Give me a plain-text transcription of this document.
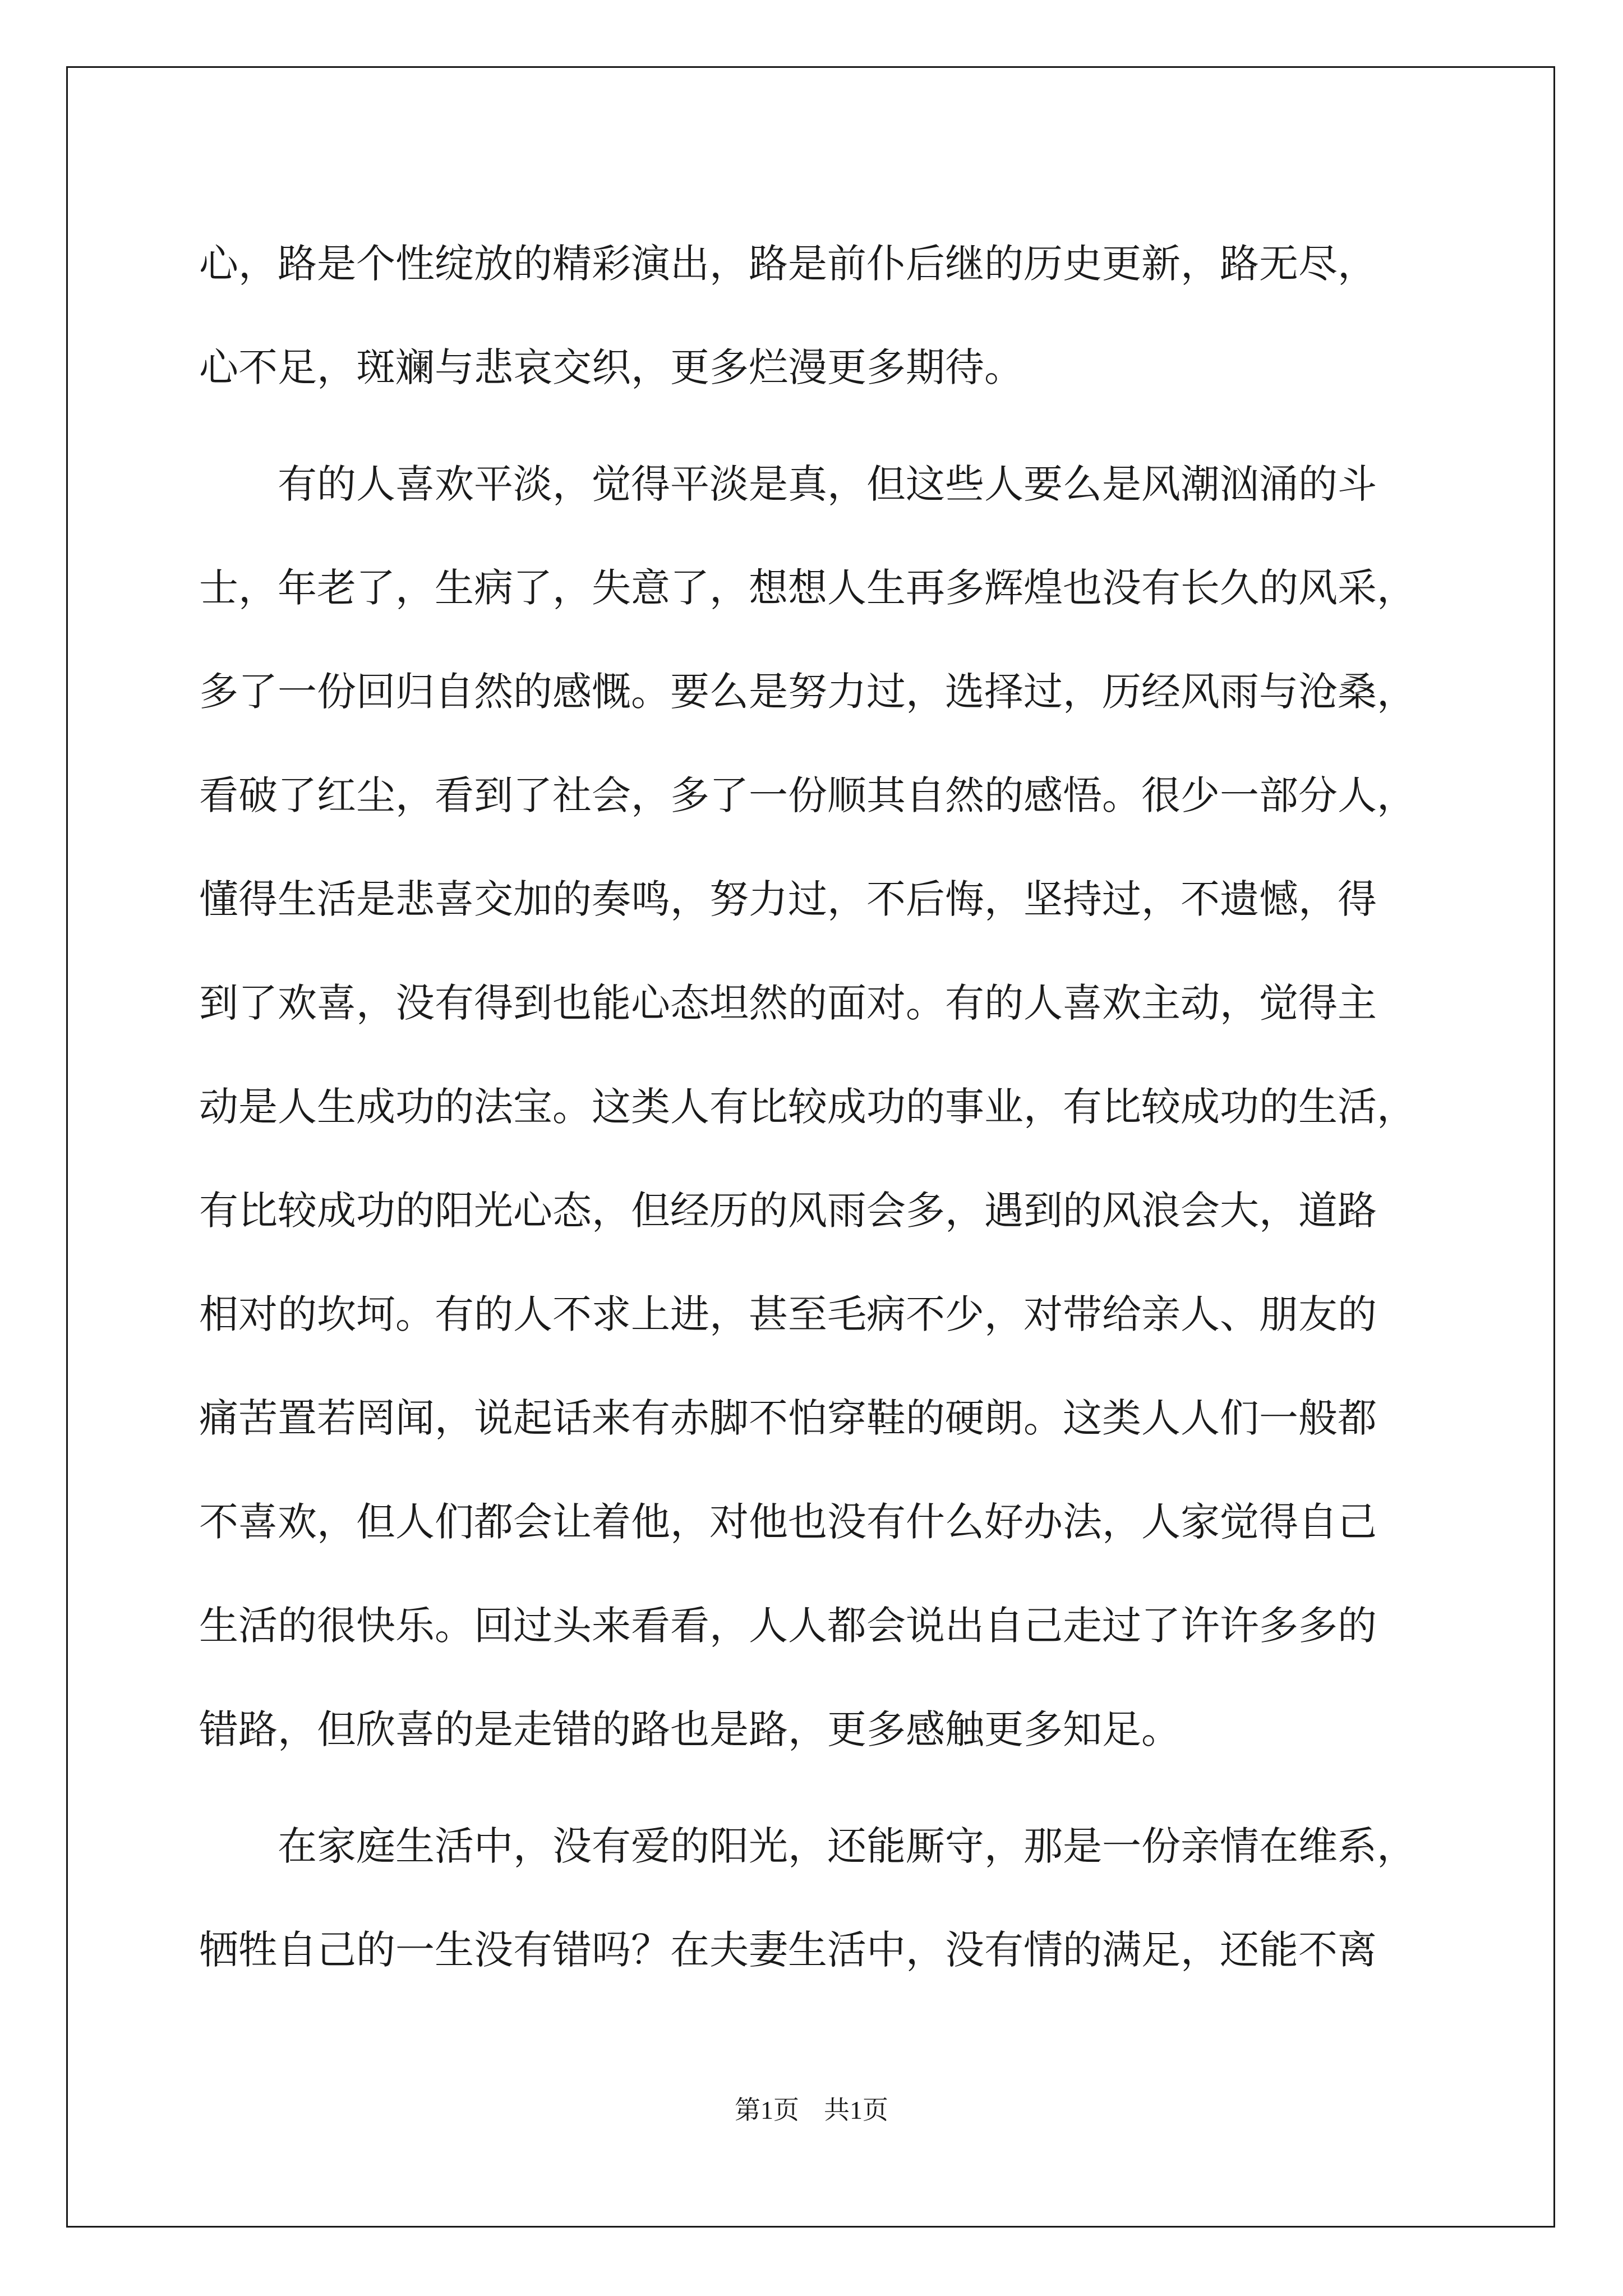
心，路是个性绽放的精彩演出，路是前仆后继的历史更新，路无尽，
心不足，斑斓与悲哀交织，更多烂漫更多期待。
有的人喜欢平淡，觉得平淡是真，但这些人要么是风潮汹涌的斗
士，年老了，生病了，失意了，想想人生再多辉煌也没有长久的风采，
多了一份回归自然的感慨。要么是努力过，选择过，历经风雨与沧桑，
看破了红尘，看到了社会，多了一份顺其自然的感悟。很少一部分人，
懂得生活是悲喜交加的奏鸣，努力过，不后悔，坚持过，不遗憾，得
到了欢喜，没有得到也能心态坦然的面对。有的人喜欢主动，觉得主
动是人生成功的法宝。这类人有比较成功的事业，有比较成功的生活，
有比较成功的阳光心态，但经历的风雨会多，遇到的风浪会大，道路
相对的坎坷。有的人不求上进，甚至毛病不少，对带给亲人、朋友的
痛苦置若罔闻，说起话来有赤脚不怕穿鞋的硬朗。这类人人们一般都
不喜欢，但人们都会让着他，对他也没有什么好办法，人家觉得自己
生活的很快乐。回过头来看看，人人都会说出自己走过了许许多多的
错路，但欣喜的是走错的路也是路，更多感触更多知足。
在家庭生活中，没有爱的阳光，还能厮守，那是一份亲情在维系，
牺牲自己的一生没有错吗？在夫妻生活中，没有情的满足，还能不离
第1页 共1页
